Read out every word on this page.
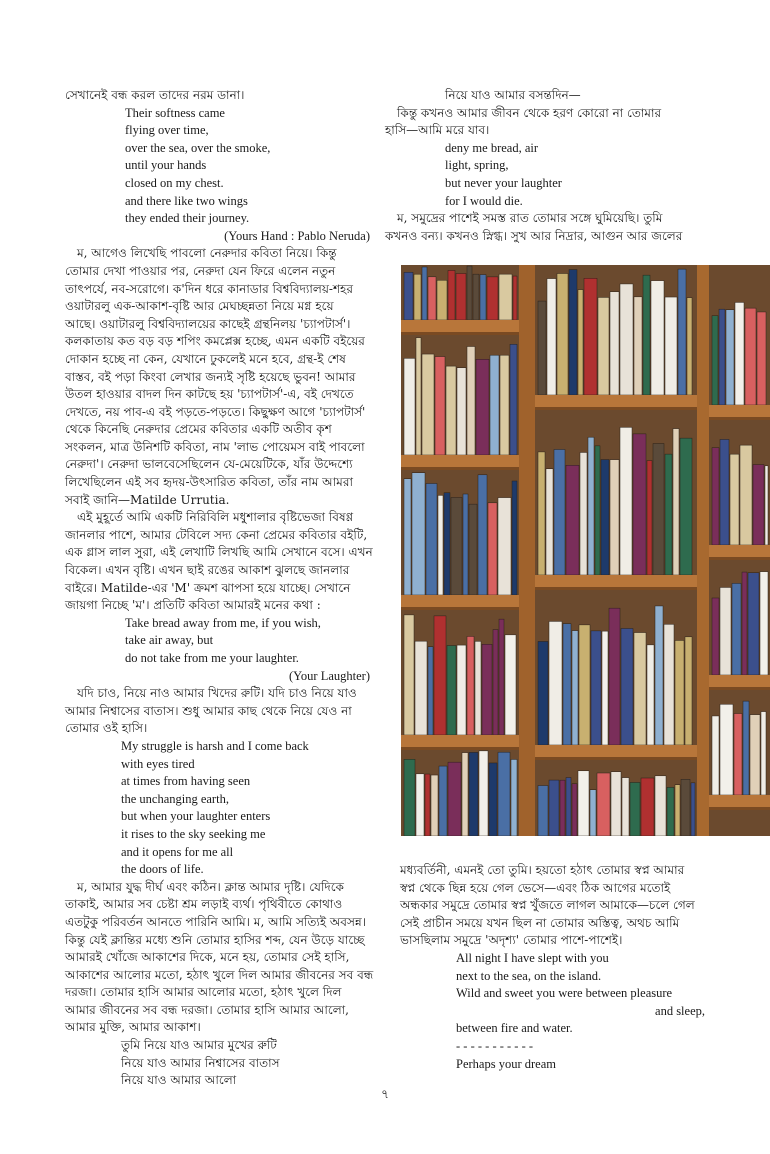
সেখানেই বন্ধ করল তাদের নরম ডানা।

Their softness came

flying over time,

over the sea, over the smoke,

until your hands

closed on my chest.

and there like two wings

they ended their journey.

(Yours Hand : Pablo Neruda)

ম, আগেও লিখেছি পাবলো নেরুদার কবিতা নিয়ে। কিন্তু

তোমার দেখা পাওয়ার পর, নেরুদা যেন ফিরে এলেন নতুন

তাৎপর্যে, নব-সরোগে। ক'দিন ধরে কানাডার বিশ্ববিদ্যালয়-শহর

ওয়াটারলু এক-আকাশ-বৃষ্টি আর মেঘচ্ছন্নতা নিয়ে মগ্ন হয়ে

আছে। ওয়াটারলু বিশ্ববিদ্যালয়ের কাছেই গ্রন্থনিলয় 'চ্যাপটার্স'।

কলকাতায় কত বড় বড় শপিং কমপ্লেক্স হচ্ছে, এমন একটি বইয়ের

দোকান হচ্ছে না কেন, যেখানে ঢুকলেই মনে হবে, গ্রন্থ-ই শেষ

বাস্তব, বই পড়া কিংবা লেখার জন্যই সৃষ্টি হয়েছে ভুবন! আমার

উতল হাওয়ার বাদল দিন কাটছে হয় 'চ্যাপটার্স'-এ, বই দেখতে

দেখতে, নয় পাব-এ বই পড়তে-পড়তে। কিছুক্ষণ আগে 'চ্যাপটার্স'

থেকে কিনেছি নেরুদার প্রেমের কবিতার একটি অতীব কৃশ

সংকলন, মাত্র উনিশটি কবিতা, নাম 'লাভ পোয়েমস বাই পাবলো

নেরুদা'। নেরুদা ভালবেসেছিলেন যে-মেয়েটিকে, যাঁর উদ্দেশ্যে

লিখেছিলেন এই সব হৃদয়-উৎসারিত কবিতা, তাঁর নাম আমরা

সবাই জানি—Matilde Urrutia.

এই মুহূর্তে আমি একটি নিরিবিলি মধুশালার বৃষ্টিভেজা বিষণ্ণ

জানলার পাশে, আমার টেবিলে সদ্য কেনা প্রেমের কবিতার বইটি,

এক গ্লাস লাল সুরা, এই লেখাটি লিখছি আমি সেখানে বসে। এখন

বিকেল। এখন বৃষ্টি। এখন ছাই রঙের আকাশ ঝুলছে জানলার

বাইরে। Matilde-এর 'M' ক্রমশ ঝাপসা হয়ে যাচ্ছে। সেখানে

জায়গা নিচ্ছে 'ম'। প্রতিটি কবিতা আমারই মনের কথা :

Take bread away from me, if you wish,

take air away, but

do not take from me your laughter.

(Your Laughter)

যদি চাও, নিয়ে নাও আমার খিদের রুটি। যদি চাও নিয়ে যাও

আমার নিশ্বাসের বাতাস। শুধু আমার কাছ থেকে নিয়ে যেও না

তোমার ওই হাসি।

My struggle is harsh and I come back

with eyes tired

at times from having seen

the unchanging earth,

but when your laughter enters

it rises to the sky seeking me

and it opens for me all

the doors of life.

ম, আমার যুদ্ধ দীর্ঘ এবং কঠিন। ক্লান্ত আমার দৃষ্টি। যেদিকে

তাকাই, আমার সব চেষ্টা শ্রম লড়াই ব্যর্থ। পৃথিবীতে কোথাও

এতটুকু পরিবর্তন আনতে পারিনি আমি। ম, আমি সত্যিই অবসন্ন।

কিন্তু যেই ক্লান্তির মধ্যে শুনি তোমার হাসির শব্দ, যেন উড়ে যাচ্ছে

আমারই খোঁজে আকাশের দিকে, মনে হয়, তোমার সেই হাসি,

আকাশের আলোর মতো, হঠাৎ খুলে দিল আমার জীবনের সব বন্ধ

দরজা। তোমার হাসি আমার আলোর মতো, হঠাৎ খুলে দিল

আমার জীবনের সব বন্ধ দরজা। তোমার হাসি আমার আলো,

আমার মুক্তি, আমার আকাশ।

তুমি নিয়ে যাও আমার মুখের রুটি

নিয়ে যাও আমার নিশ্বাসের বাতাস

নিয়ে যাও আমার আলো

নিয়ে যাও আমার বসন্তদিন—

কিন্তু কখনও আমার জীবন থেকে হরণ কোরো না তোমার

হাসি—আমি মরে যাব।

deny me bread, air

light, spring,

but never your laughter

for I would die.

ম, সমুদ্রের পাশেই সমস্ত রাত তোমার সঙ্গে ঘুমিয়েছি। তুমি

কখনও বন্য। কখনও স্নিগ্ধ। সুখ আর নিদ্রার, আগুন আর জলের

মধ্যবর্তিনী, এমনই তো তুমি। হয়তো হঠাৎ তোমার স্বপ্ন আমার

স্বপ্ন থেকে ছিন্ন হয়ে গেল ভেসে—এবং ঠিক আগের মতোই

অন্ধকার সমুদ্রে তোমার স্বপ্ন খুঁজতে লাগল আমাকে—চলে গেল

সেই প্রাচীন সময়ে যখন ছিল না তোমার অস্তিত্ব, অথচ আমি

ভাসছিলাম সমুদ্রে 'অদৃশ্য' তোমার পাশে-পাশেই।

All night I have slept with you

next to the sea, on the island.

Wild and sweet you were between pleasure

and sleep,

between fire and water.

- - - - - - - - - - -

Perhaps your dream

৭
